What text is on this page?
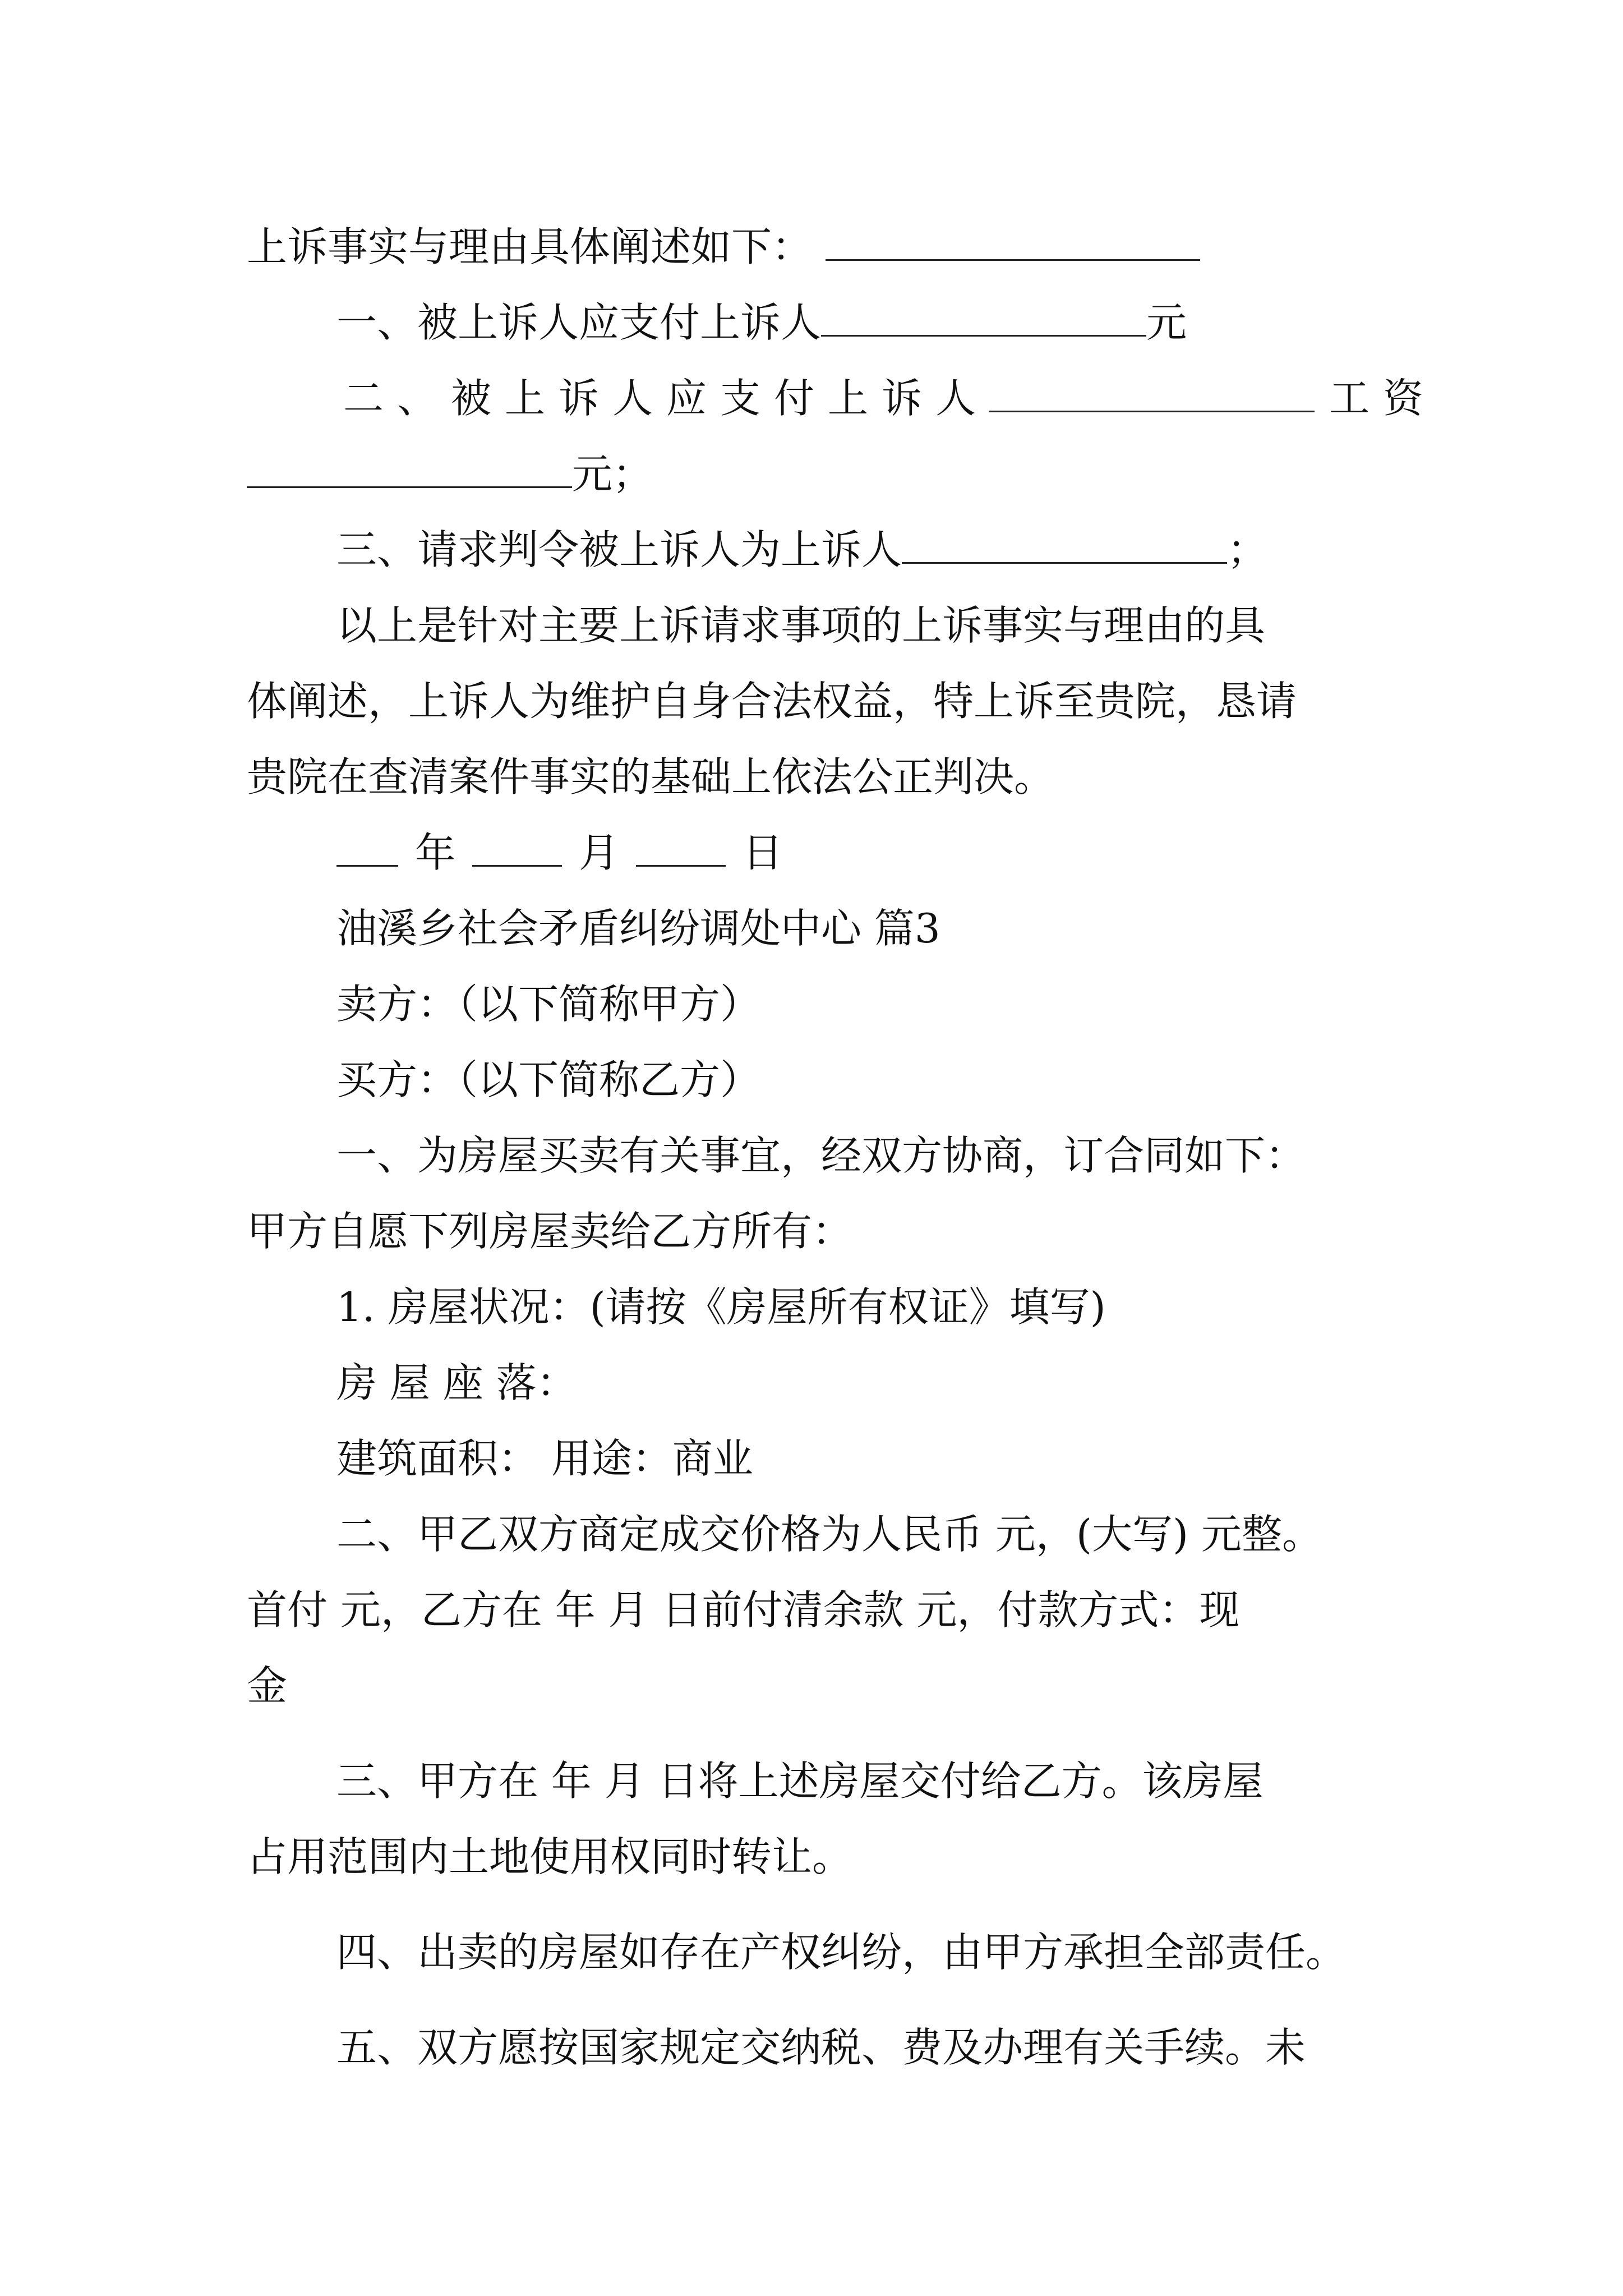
上诉事实与理由具体阐述如下：
一、被上诉人应支付上诉人	元
二、被上诉人应支付上诉人	工资
元；
三、请求判令被上诉人为上诉人	；
以上是针对主要上诉请求事项的上诉事实与理由的具
体阐述，上诉人为维护自身合法权益，特上诉至贵院，恳请
贵院在查清案件事实的基础上依法公正判决。
年	月	日
油溪乡社会矛盾纠纷调处中心 篇3
卖方：（以下简称甲方）
买方：（以下简称乙方）
一、为房屋买卖有关事宜，经双方协商，订合同如下：
甲方自愿下列房屋卖给乙方所有：
1. 房屋状况：(请按《房屋所有权证》填写)
房 屋 座 落：
建筑面积： 用途：商业
二、甲乙双方商定成交价格为人民币 元，(大写) 元整。
首付 元，乙方在 年 月 日前付清余款 元，付款方式：现
金
三、甲方在 年 月 日将上述房屋交付给乙方。该房屋
占用范围内土地使用权同时转让。
四、出卖的房屋如存在产权纠纷，由甲方承担全部责任。
五、双方愿按国家规定交纳税、费及办理有关手续。未
